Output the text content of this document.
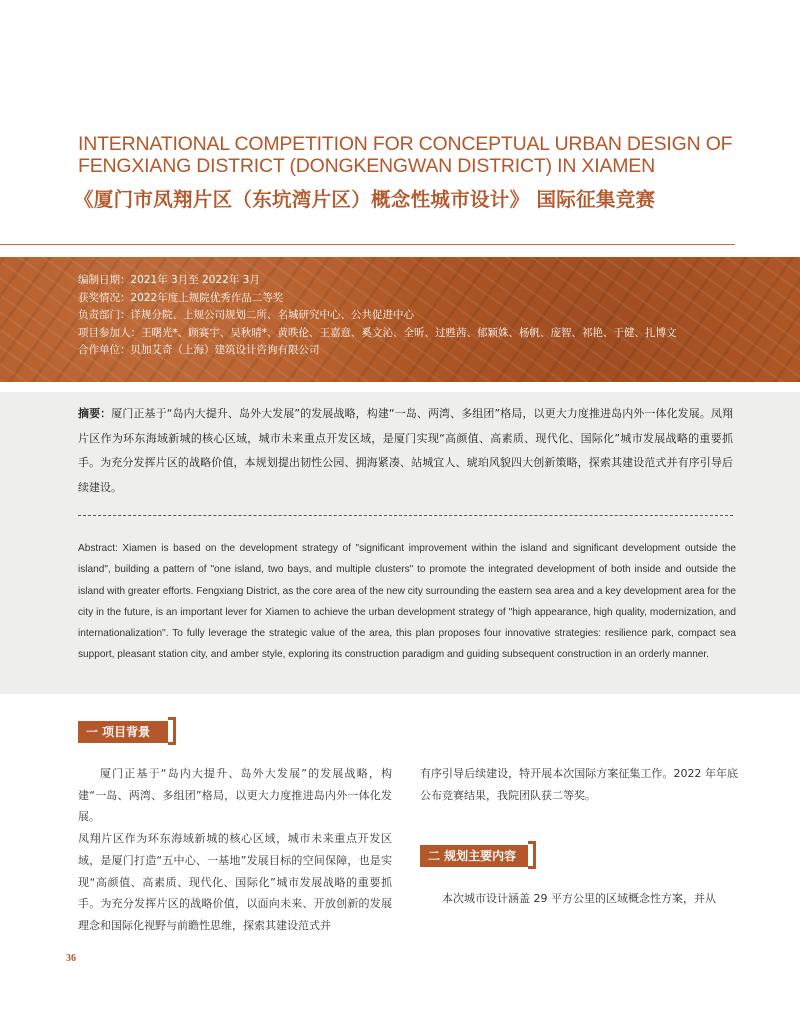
INTERNATIONAL COMPETITION FOR CONCEPTUAL URBAN DESIGN OF
FENGXIANG DISTRICT (DONGKENGWAN DISTRICT) IN XIAMEN
《厦门市凤翔片区（东坑湾片区）概念性城市设计》 国际征集竞赛
编制日期：2021年 3月至 2022年 3月
获奖情况：2022年度上规院优秀作品二等奖
负责部门：详规分院、上规公司规划二所、名城研究中心、公共促进中心
项目参加人：王曙光*、顾赛宇、吴秋晴*、黄昳伦、王嘉意、奚文沁、全昕、过甦茜、郁颖姝、杨帆、庞智、祁艳、于健、扎博文
合作单位：贝加艾奇（上海）建筑设计咨询有限公司
摘要：厦门正基于“岛内大提升、岛外大发展”的发展战略，构建“一岛、两湾、多组团”格局，以更大力度推进岛内外一体化发展。凤翔片区作为环东海域新城的核心区域，城市未来重点开发区域，是厦门实现“高颜值、高素质、现代化、国际化”城市发展战略的重要抓手。为充分发挥片区的战略价值，本规划提出韧性公园、拥海紧凑、站城宜人、琥珀风貌四大创新策略，探索其建设范式并有序引导后续建设。
Abstract: Xiamen is based on the development strategy of "significant improvement within the island and significant development outside the island", building a pattern of "one island, two bays, and multiple clusters" to promote the integrated development of both inside and outside the island with greater efforts. Fengxiang District, as the core area of the new city surrounding the eastern sea area and a key development area for the city in the future, is an important lever for Xiamen to achieve the urban development strategy of "high appearance, high quality, modernization, and internationalization". To fully leverage the strategic value of the area, this plan proposes four innovative strategies: resilience park, compact sea support, pleasant station city, and amber style, exploring its construction paradigm and guiding subsequent construction in an orderly manner.
一 项目背景

厦门正基于“岛内大提升、岛外大发展”的发展战略，构建“一岛、两湾、多组团”格局，以更大力度推进岛内外一体化发展。

凤翔片区作为环东海域新城的核心区域，城市未来重点开发区域，是厦门打造“五中心、一基地”发展目标的空间保障，也是实现“高颜值、高素质、现代化、国际化”城市发展战略的重要抓手。为充分发挥片区的战略价值，以面向未来、开放创新的发展理念和国际化视野与前瞻性思维，探索其建设范式并

有序引导后续建设，特开展本次国际方案征集工作。2022 年年底公布竞赛结果，我院团队获二等奖。
二 规划主要内容
本次城市设计涵盖 29 平方公里的区域概念性方案，并从
36
